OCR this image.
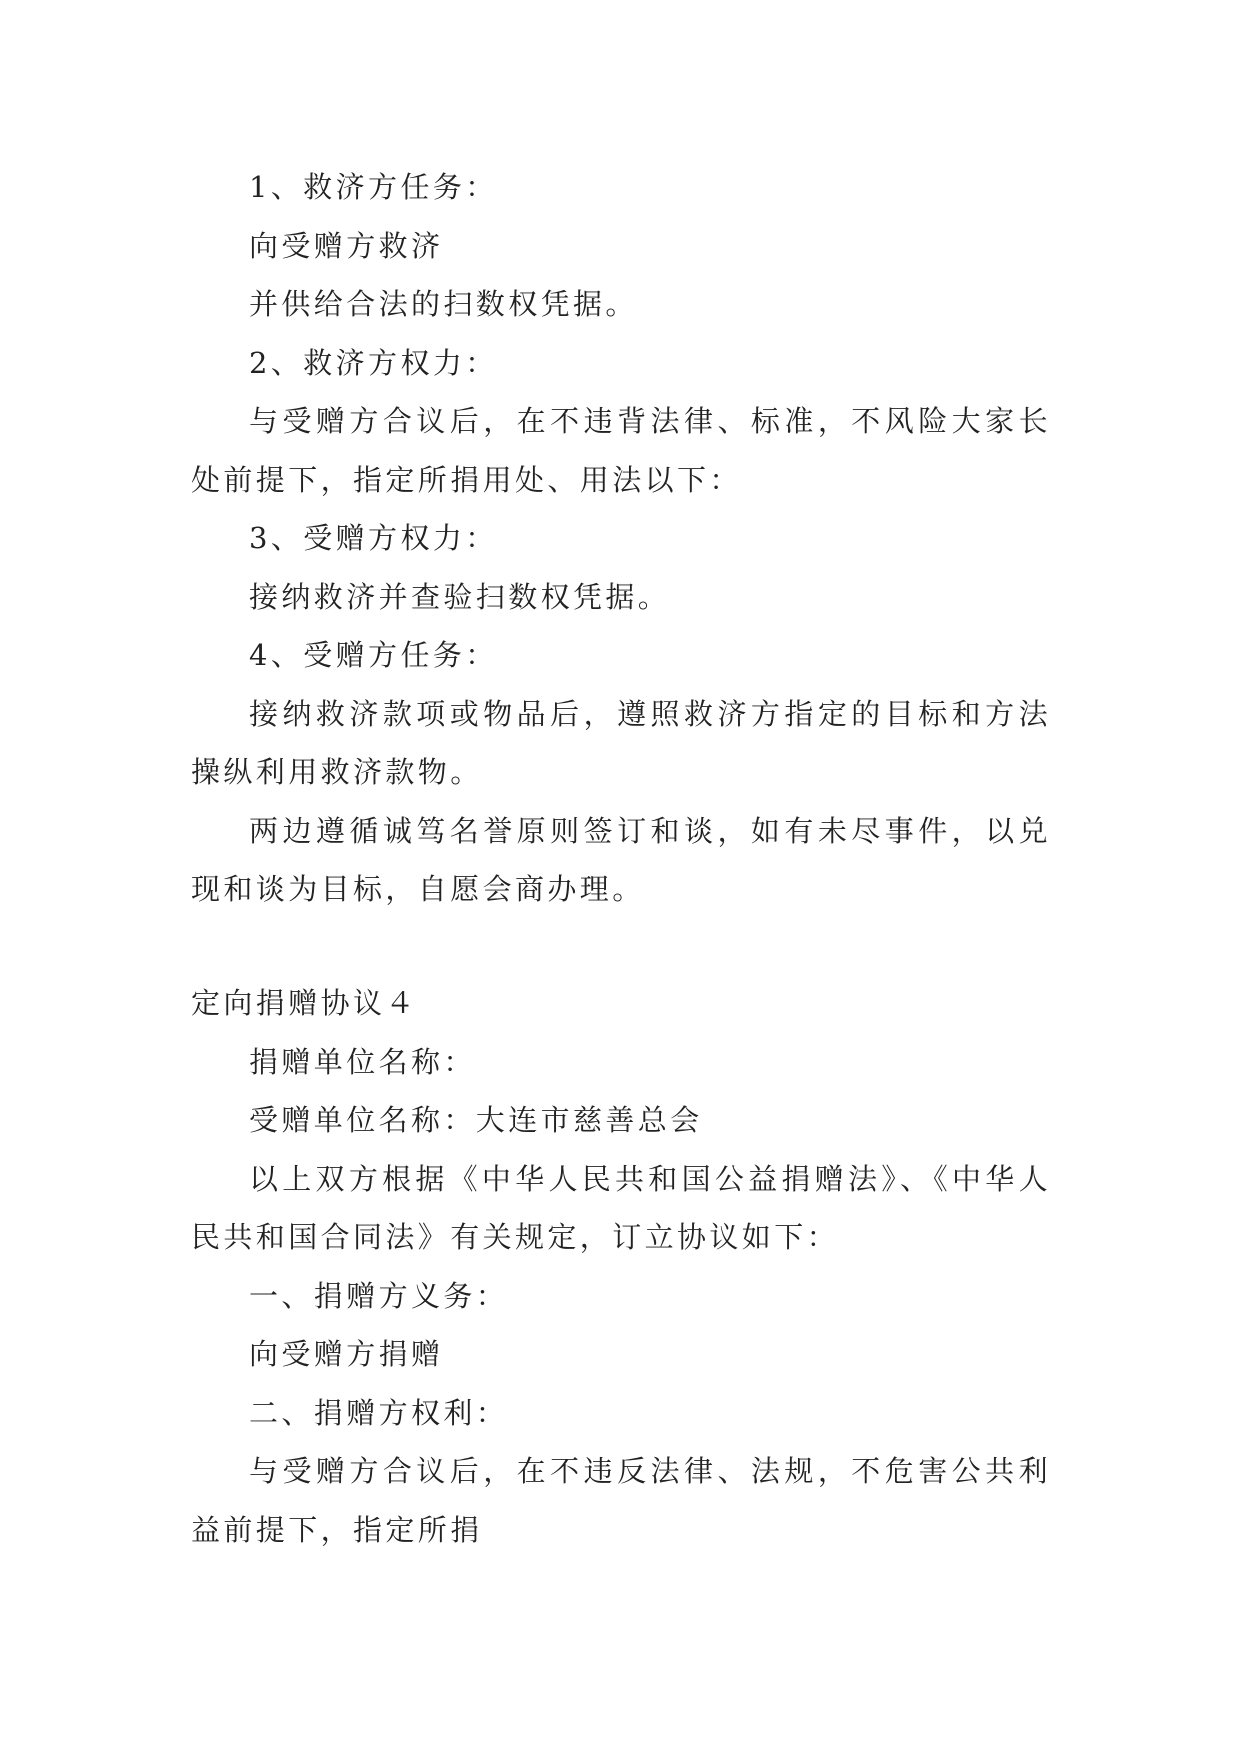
1、救济方任务：

向受赠方救济

并供给合法的扫数权凭据。

2、救济方权力：

与受赠方合议后，在不违背法律、标准，不风险大家长处前提下，指定所捐用处、用法以下：

3、受赠方权力：

接纳救济并查验扫数权凭据。

4、受赠方任务：

接纳救济款项或物品后，遵照救济方指定的目标和方法操纵利用救济款物。

两边遵循诚笃名誉原则签订和谈，如有未尽事件，以兑现和谈为目标，自愿会商办理。

定向捐赠协议４

捐赠单位名称：

受赠单位名称：大连市慈善总会

以上双方根据《中华人民共和国公益捐赠法》、《中华人民共和国合同法》有关规定，订立协议如下：

一、捐赠方义务：

向受赠方捐赠

二、捐赠方权利：

与受赠方合议后，在不违反法律、法规，不危害公共利益前提下，指定所捐
